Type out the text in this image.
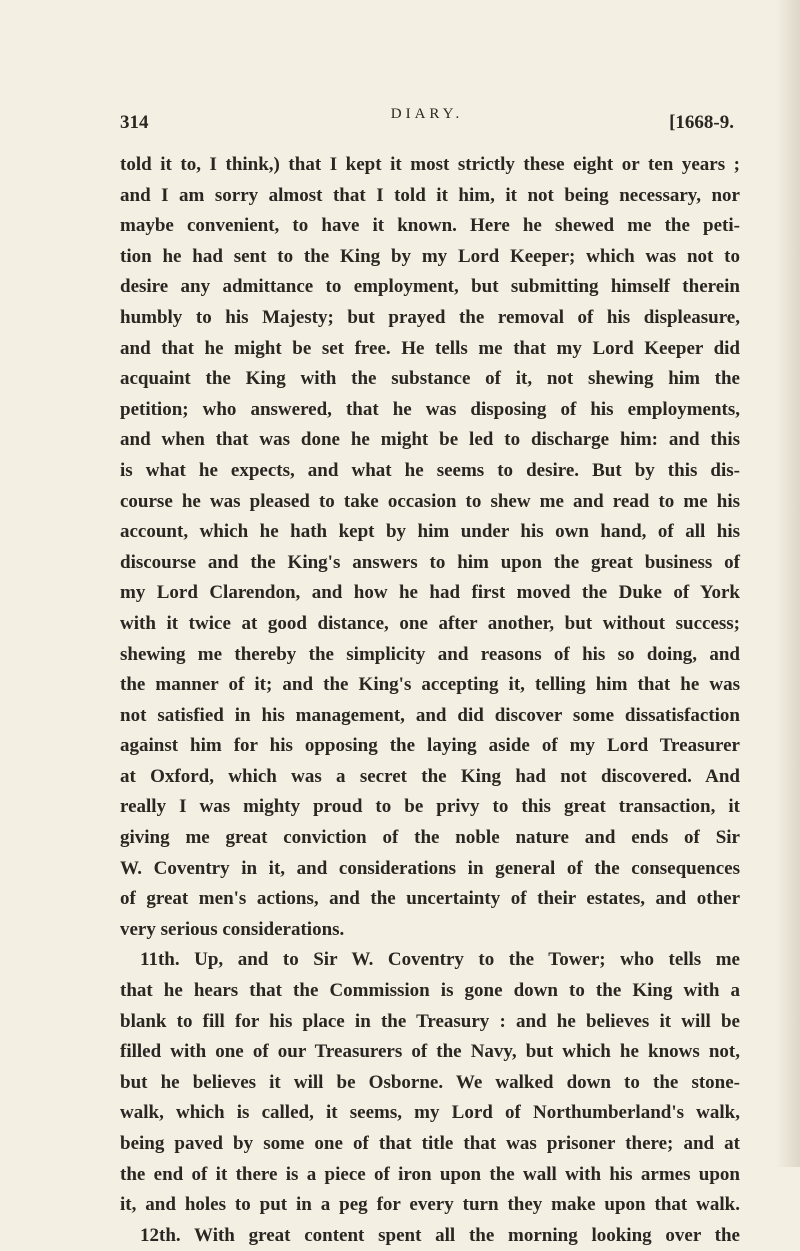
314	DIARY.	[1668-9.
told it to, I think,) that I kept it most strictly these eight or ten years ;
and I am sorry almost that I told it him, it not being necessary, nor
maybe convenient, to have it known. Here he shewed me the peti-
tion he had sent to the King by my Lord Keeper; which was not to
desire any admittance to employment, but submitting himself therein
humbly to his Majesty; but prayed the removal of his displeasure,
and that he might be set free. He tells me that my Lord Keeper did
acquaint the King with the substance of it, not shewing him the
petition; who answered, that he was disposing of his employments,
and when that was done he might be led to discharge him: and this
is what he expects, and what he seems to desire. But by this dis-
course he was pleased to take occasion to shew me and read to me his
account, which he hath kept by him under his own hand, of all his
discourse and the King's answers to him upon the great business of
my Lord Clarendon, and how he had first moved the Duke of York
with it twice at good distance, one after another, but without success;
shewing me thereby the simplicity and reasons of his so doing, and
the manner of it; and the King's accepting it, telling him that he was
not satisfied in his management, and did discover some dissatisfaction
against him for his opposing the laying aside of my Lord Treasurer
at Oxford, which was a secret the King had not discovered. And
really I was mighty proud to be privy to this great transaction, it
giving me great conviction of the noble nature and ends of Sir
W. Coventry in it, and considerations in general of the consequences
of great men's actions, and the uncertainty of their estates, and other
very serious considerations.
11th. Up, and to Sir W. Coventry to the Tower; who tells me
that he hears that the Commission is gone down to the King with a
blank to fill for his place in the Treasury : and he believes it will be
filled with one of our Treasurers of the Navy, but which he knows not,
but he believes it will be Osborne. We walked down to the stone-
walk, which is called, it seems, my Lord of Northumberland's walk,
being paved by some one of that title that was prisoner there; and at
the end of it there is a piece of iron upon the wall with his armes upon
it, and holes to put in a peg for every turn they make upon that walk.
12th. With great content spent all the morning looking over the
